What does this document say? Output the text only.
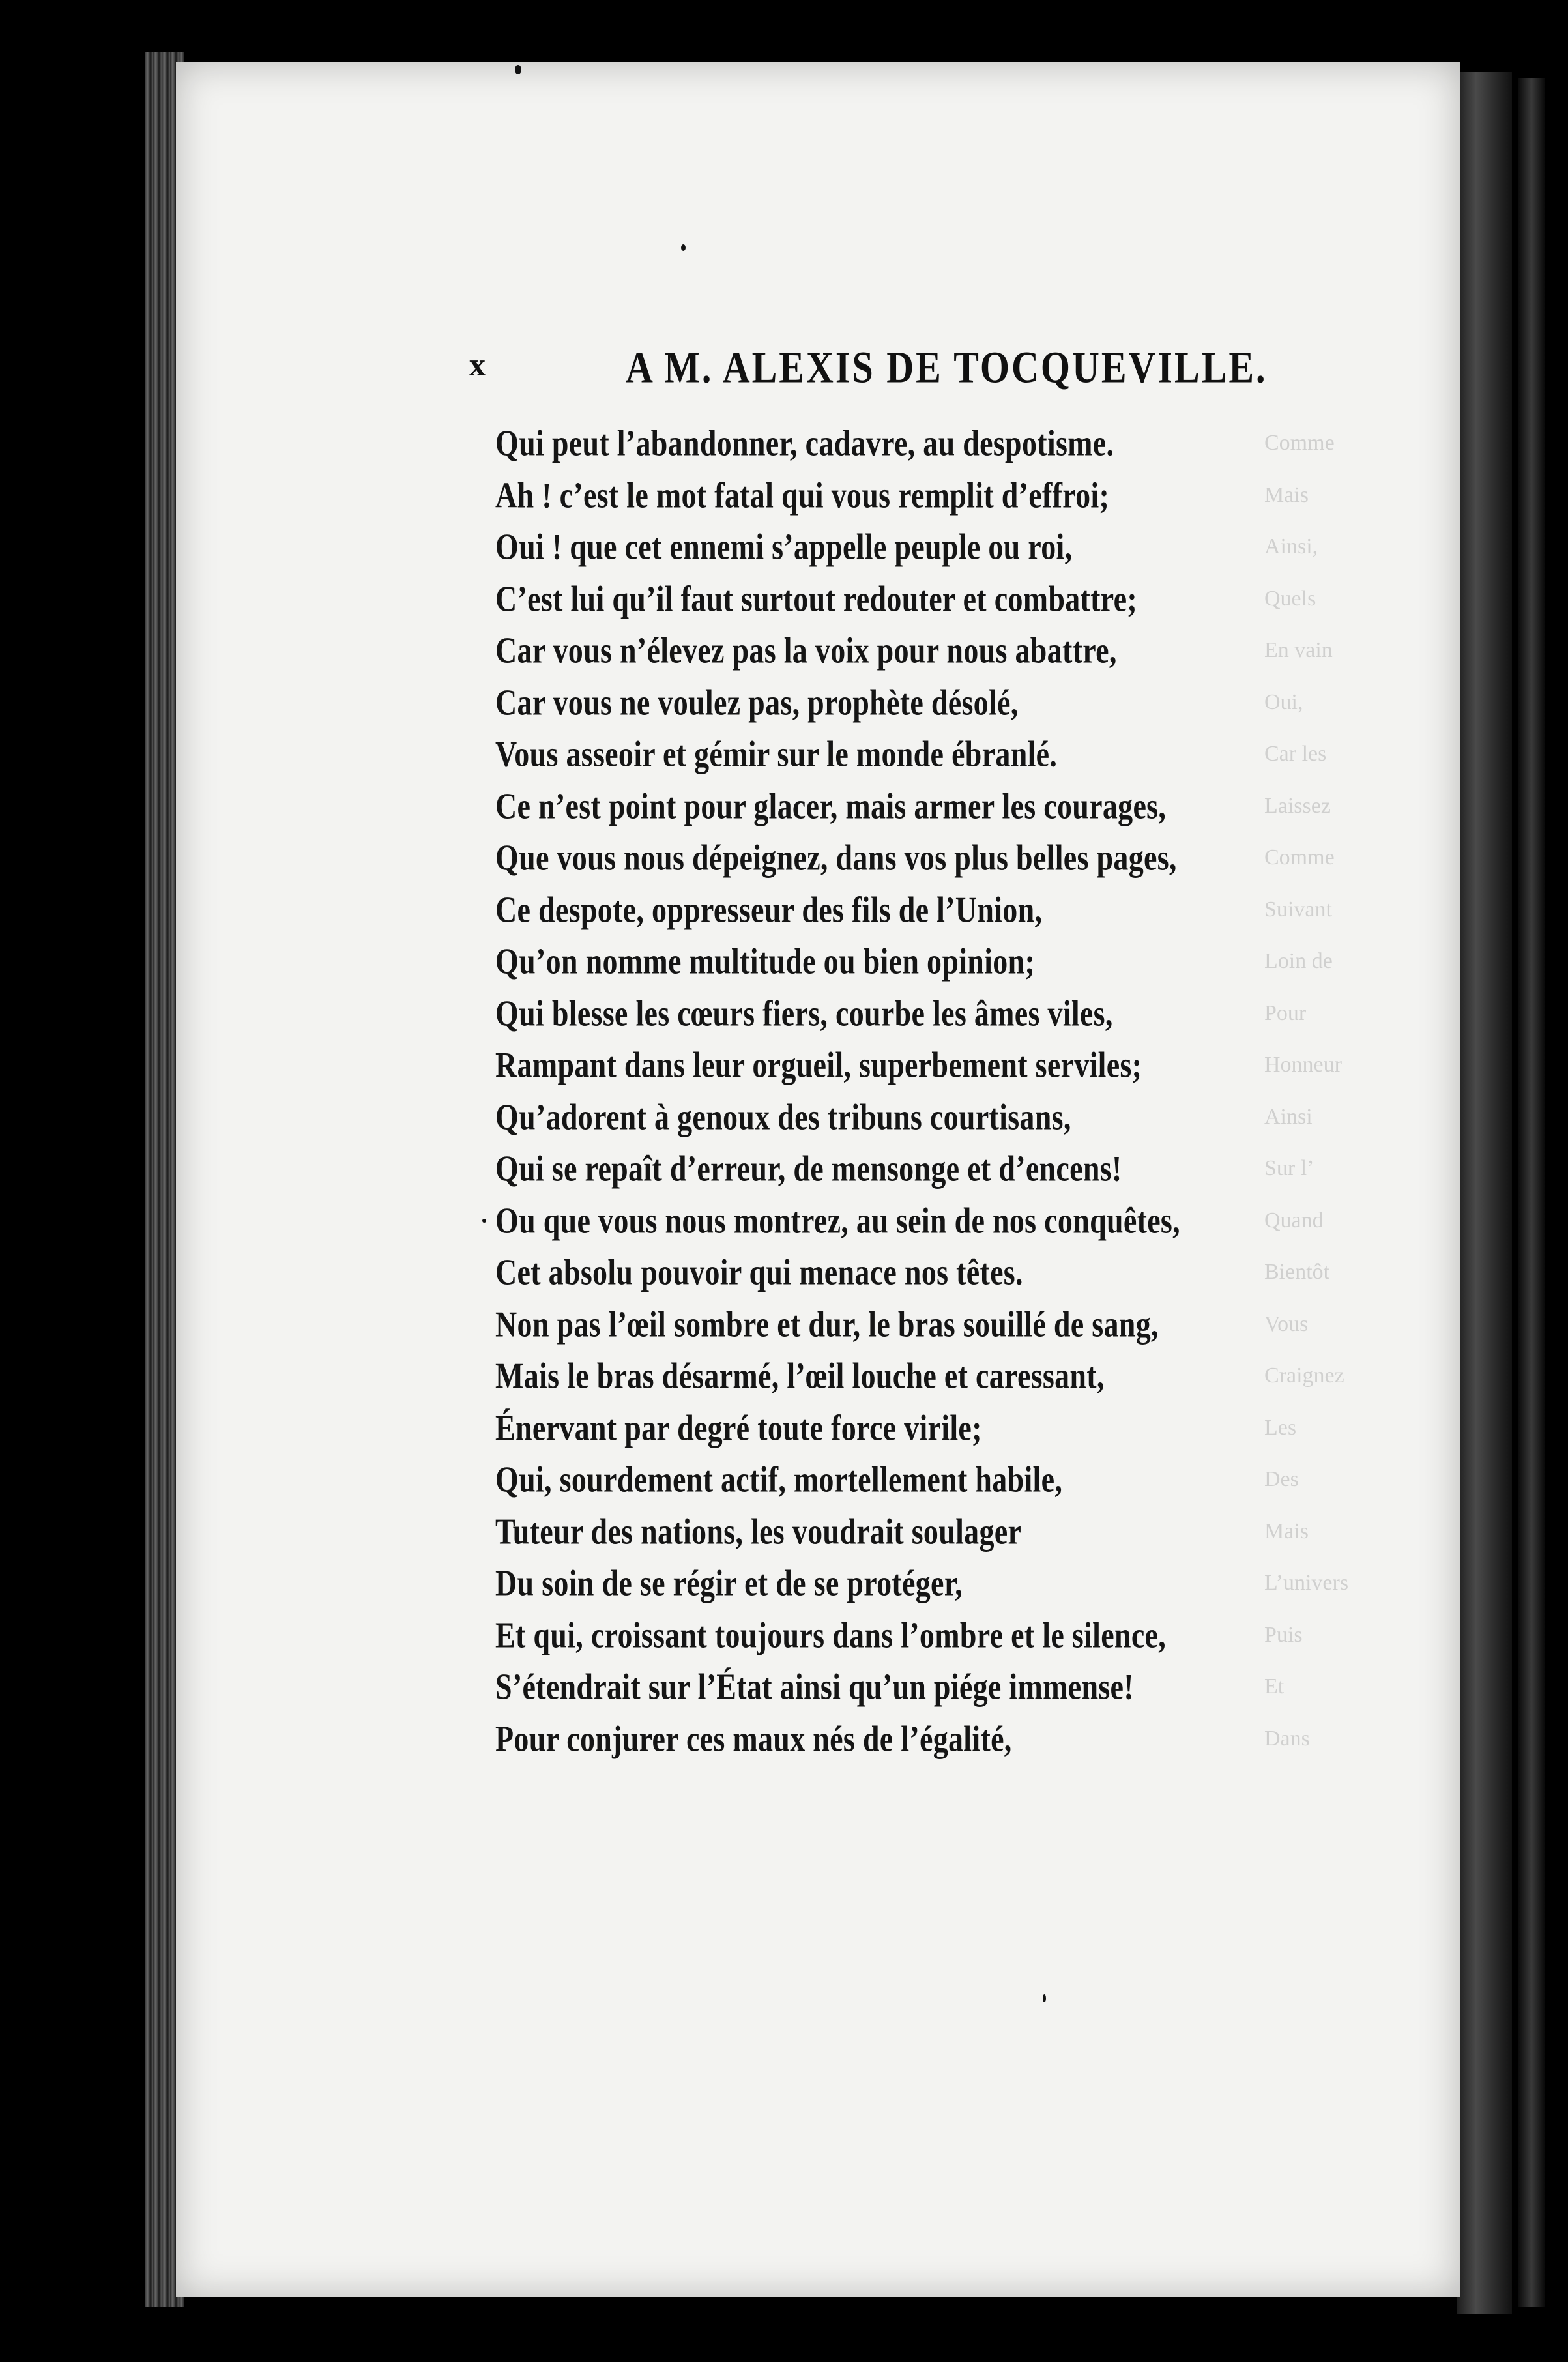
Comme
Mais
Ainsi,
Quels
En vain
Oui,
Car les
Laissez
Comme
Suivant
Loin de
Pour
Honneur
Ainsi
Sur l’
Quand
Bientôt
Vous
Craignez
Les
Des
Mais
L’univers
Puis
Et
Dans
x	A M. ALEXIS DE TOCQUEVILLE.
Qui peut l’abandonner, cadavre, au despotisme.
Ah ! c’est le mot fatal qui vous remplit d’effroi;
Oui ! que cet ennemi s’appelle peuple ou roi,
C’est lui qu’il faut surtout redouter et combattre;
Car vous n’élevez pas la voix pour nous abattre,
Car vous ne voulez pas, prophète désolé,
Vous asseoir et gémir sur le monde ébranlé.
Ce n’est point pour glacer, mais armer les courages,
Que vous nous dépeignez, dans vos plus belles pages,
Ce despote, oppresseur des fils de l’Union,
Qu’on nomme multitude ou bien opinion;
Qui blesse les cœurs fiers, courbe les âmes viles,
Rampant dans leur orgueil, superbement serviles;
Qu’adorent à genoux des tribuns courtisans,
Qui se repaît d’erreur, de mensonge et d’encens!
Ou que vous nous montrez, au sein de nos conquêtes,
Cet absolu pouvoir qui menace nos têtes.
Non pas l’œil sombre et dur, le bras souillé de sang,
Mais le bras désarmé, l’œil louche et caressant,
Énervant par degré toute force virile;
Qui, sourdement actif, mortellement habile,
Tuteur des nations, les voudrait soulager
Du soin de se régir et de se protéger,
Et qui, croissant toujours dans l’ombre et le silence,
S’étendrait sur l’État ainsi qu’un piége immense!
Pour conjurer ces maux nés de l’égalité,
